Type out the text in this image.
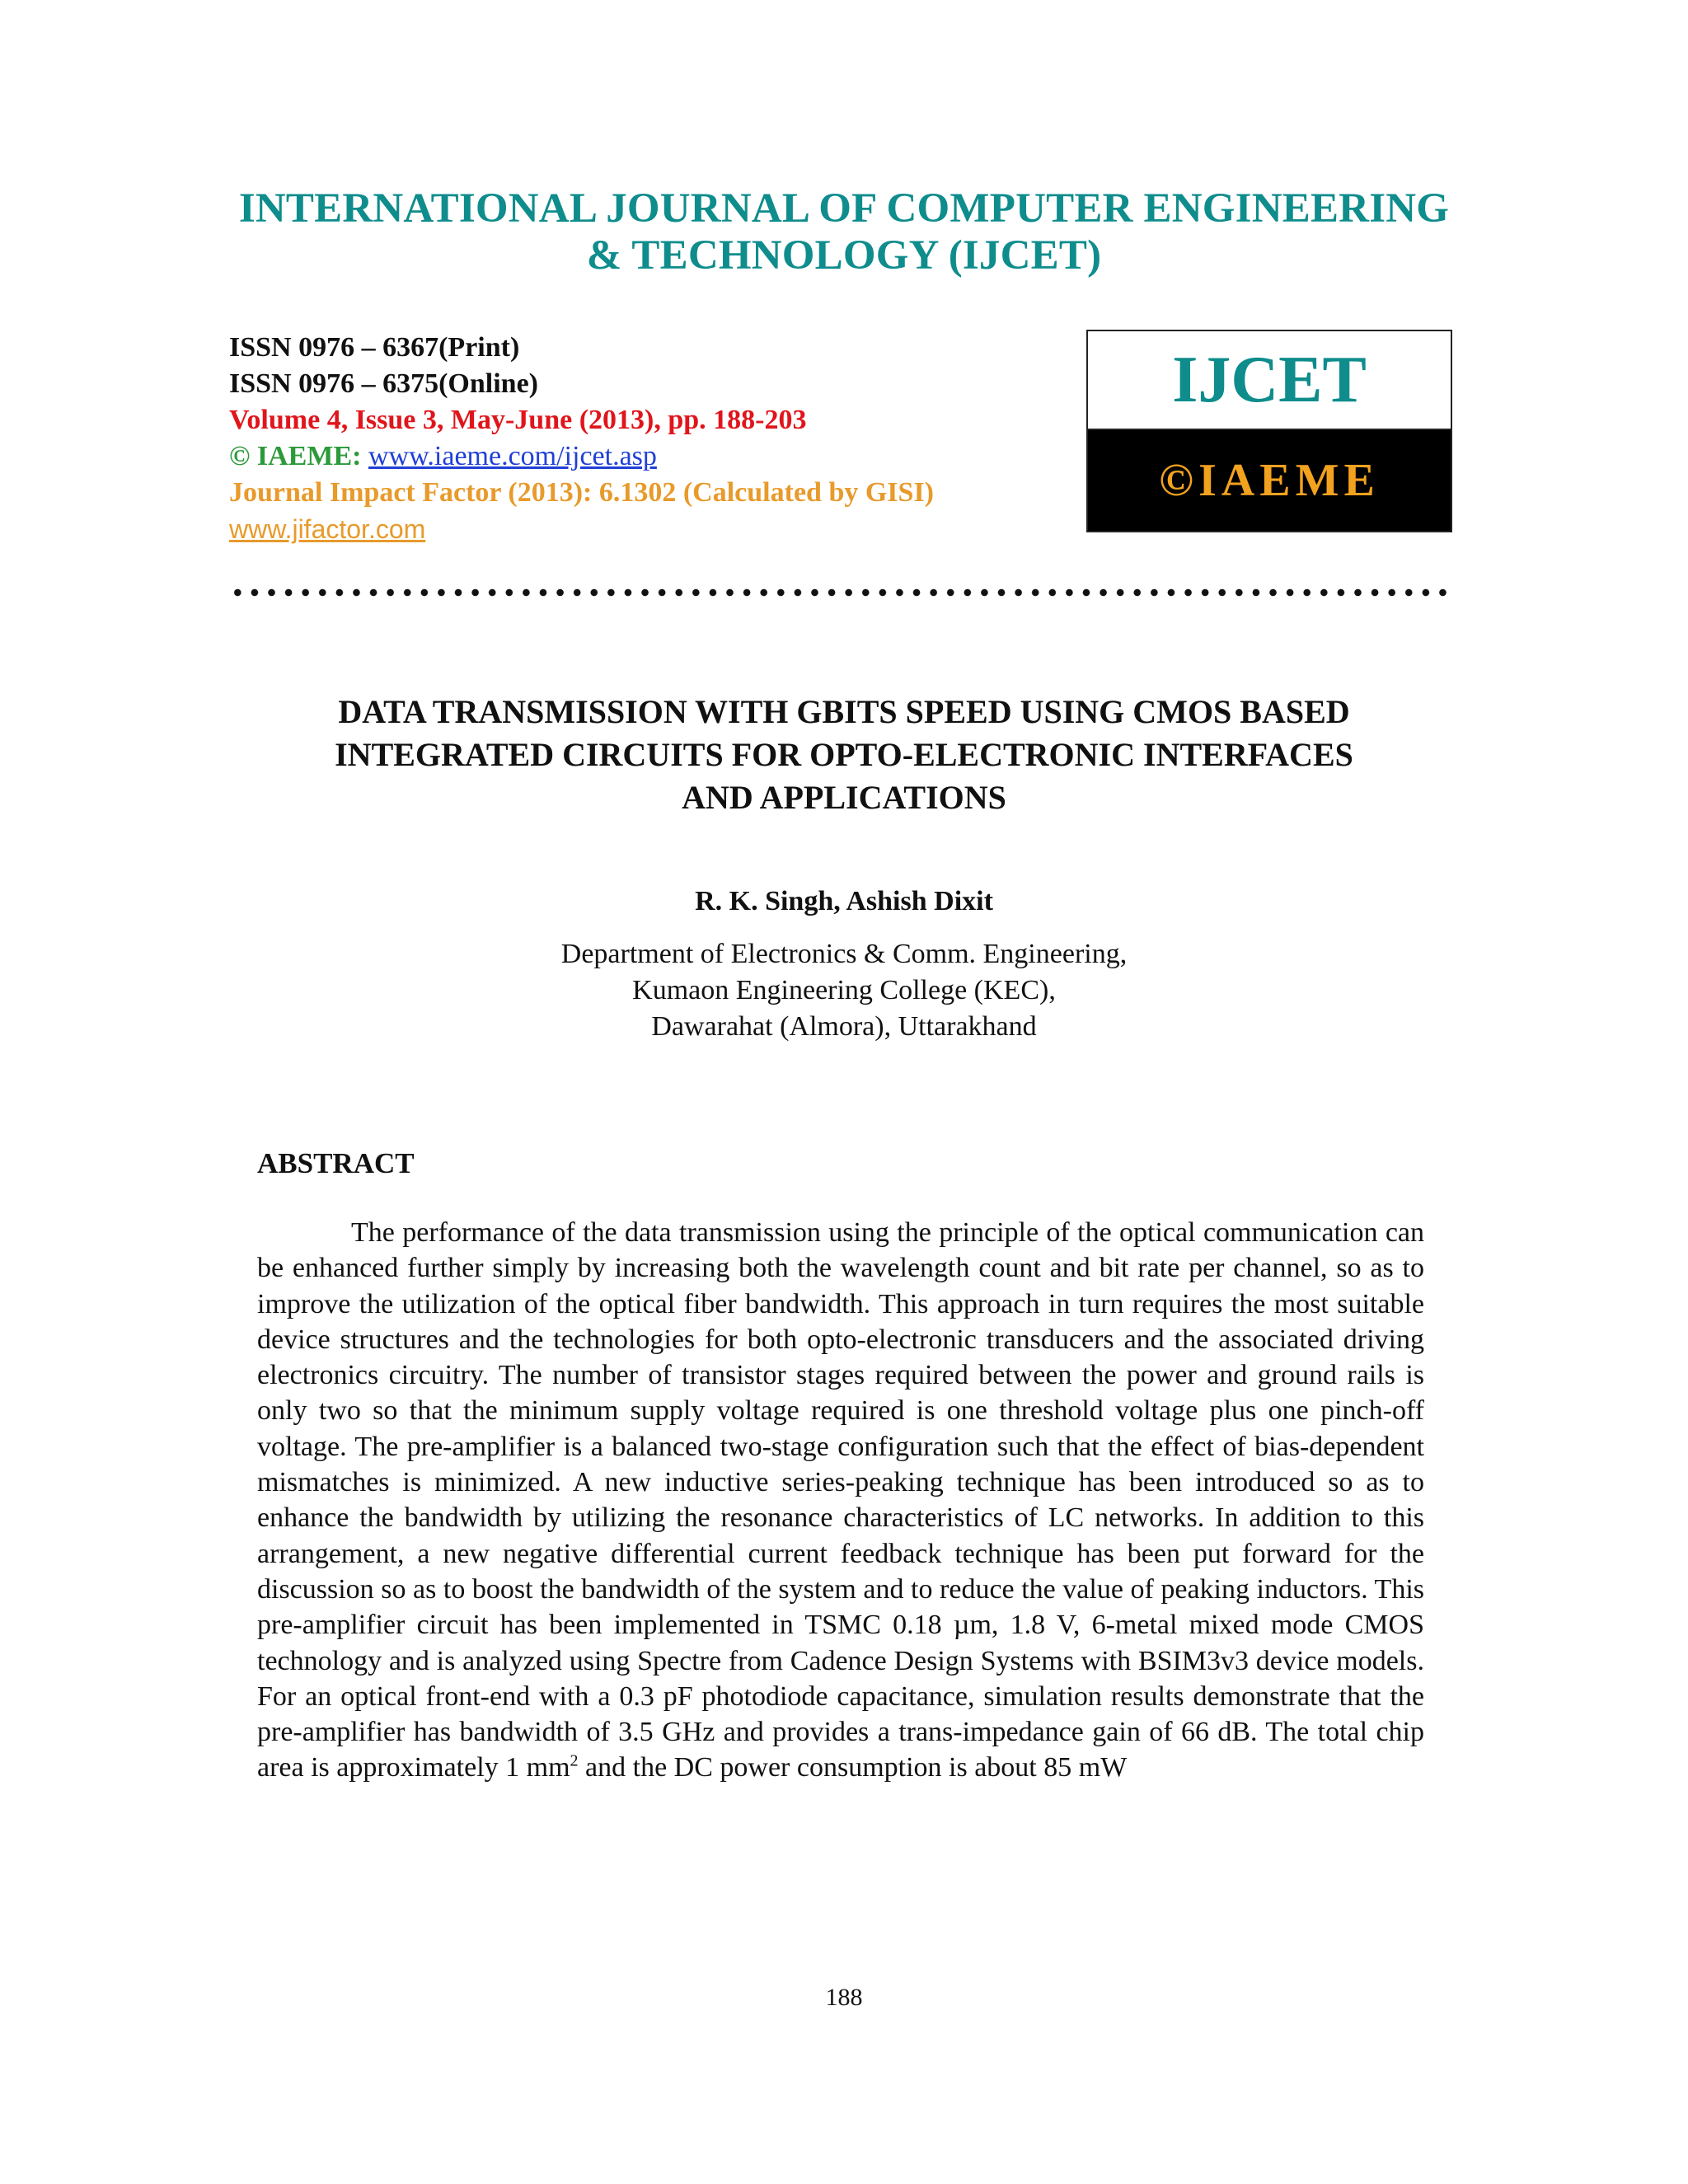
INTERNATIONAL JOURNAL OF COMPUTER ENGINEERING
& TECHNOLOGY (IJCET)
ISSN 0976 – 6367(Print)
ISSN 0976 – 6375(Online)
Volume 4, Issue 3, May-June (2013), pp. 188-203
© IAEME: www.iaeme.com/ijcet.asp
Journal Impact Factor (2013): 6.1302 (Calculated by GISI)
www.jifactor.com
IJCET
©IAEME
DATA TRANSMISSION WITH GBITS SPEED USING CMOS BASED
INTEGRATED CIRCUITS FOR OPTO-ELECTRONIC INTERFACES
AND APPLICATIONS
R. K. Singh, Ashish Dixit
Department of Electronics & Comm. Engineering,
Kumaon Engineering College (KEC),
Dawarahat (Almora), Uttarakhand
ABSTRACT
The performance of the data transmission using the principle of the optical communication can be enhanced further simply by increasing both the wavelength count and bit rate per channel, so as to improve the utilization of the optical fiber bandwidth. This approach in turn requires the most suitable device structures and the technologies for both opto-electronic transducers and the associated driving electronics circuitry. The number of transistor stages required between the power and ground rails is only two so that the minimum supply voltage required is one threshold voltage plus one pinch-off voltage. The pre-amplifier is a balanced two-stage configuration such that the effect of bias-dependent mismatches is minimized. A new inductive series-peaking technique has been introduced so as to enhance the bandwidth by utilizing the resonance characteristics of LC networks. In addition to this arrangement, a new negative differential current feedback technique has been put forward for the discussion so as to boost the bandwidth of the system and to reduce the value of peaking inductors. This pre-amplifier circuit has been implemented in TSMC 0.18 µm, 1.8 V, 6-metal mixed mode CMOS technology and is analyzed using Spectre from Cadence Design Systems with BSIM3v3 device models. For an optical front-end with a 0.3 pF photodiode capacitance, simulation results demonstrate that the pre-amplifier has bandwidth of 3.5 GHz and provides a trans-impedance gain of 66 dB. The total chip area is approximately 1 $mm^2$ and the DC power consumption is about 85 mW
188
